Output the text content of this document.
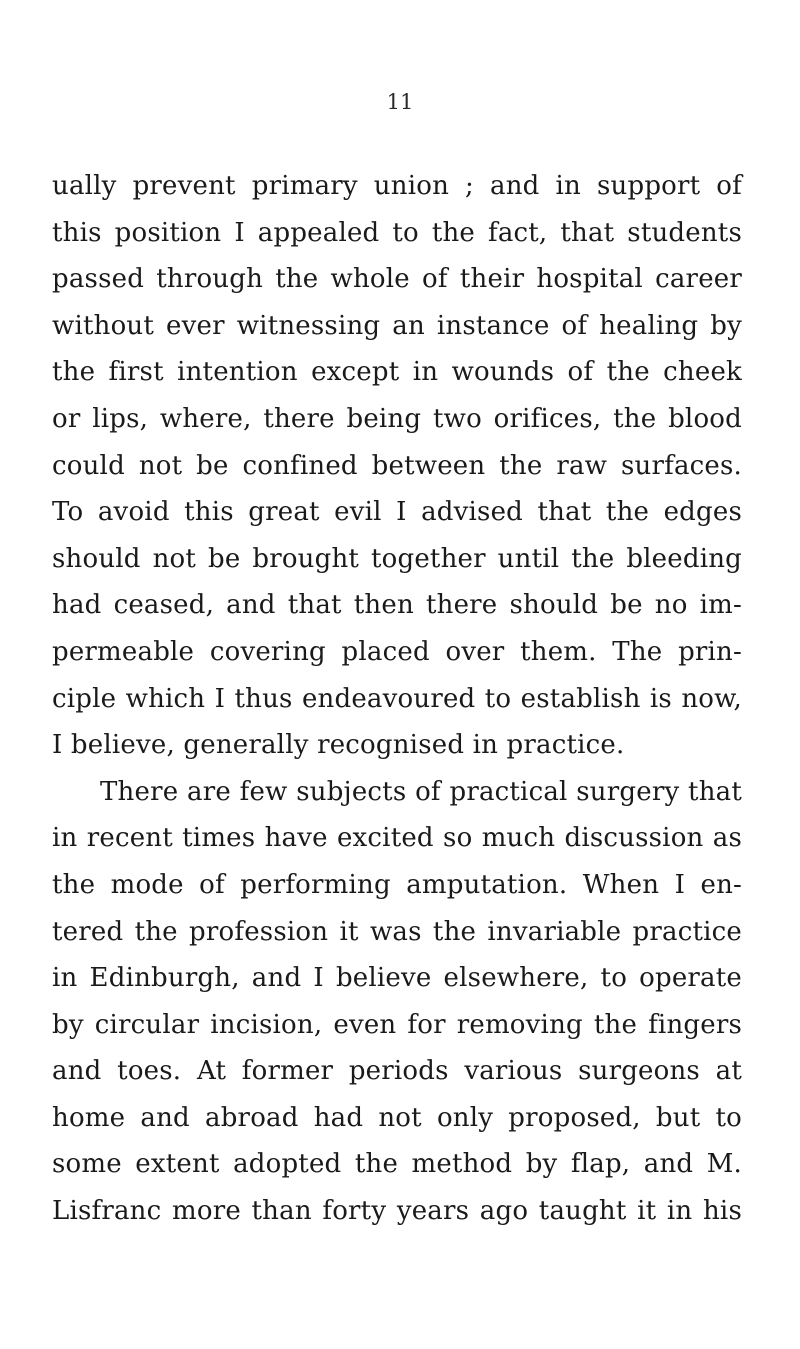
11
ually prevent primary union ; and in support of
this position I appealed to the fact, that students
passed through the whole of their hospital career
without ever witnessing an instance of healing by
the first intention except in wounds of the cheek
or lips, where, there being two orifices, the blood
could not be confined between the raw surfaces.
To avoid this great evil I advised that the edges
should not be brought together until the bleeding
had ceased, and that then there should be no im-
permeable covering placed over them. The prin-
ciple which I thus endeavoured to establish is now,
I believe, generally recognised in practice.
There are few subjects of practical surgery that
in recent times have excited so much discussion as
the mode of performing amputation. When I en-
tered the profession it was the invariable practice
in Edinburgh, and I believe elsewhere, to operate
by circular incision, even for removing the fingers
and toes. At former periods various surgeons at
home and abroad had not only proposed, but to
some extent adopted the method by flap, and M.
Lisfranc more than forty years ago taught it in his
